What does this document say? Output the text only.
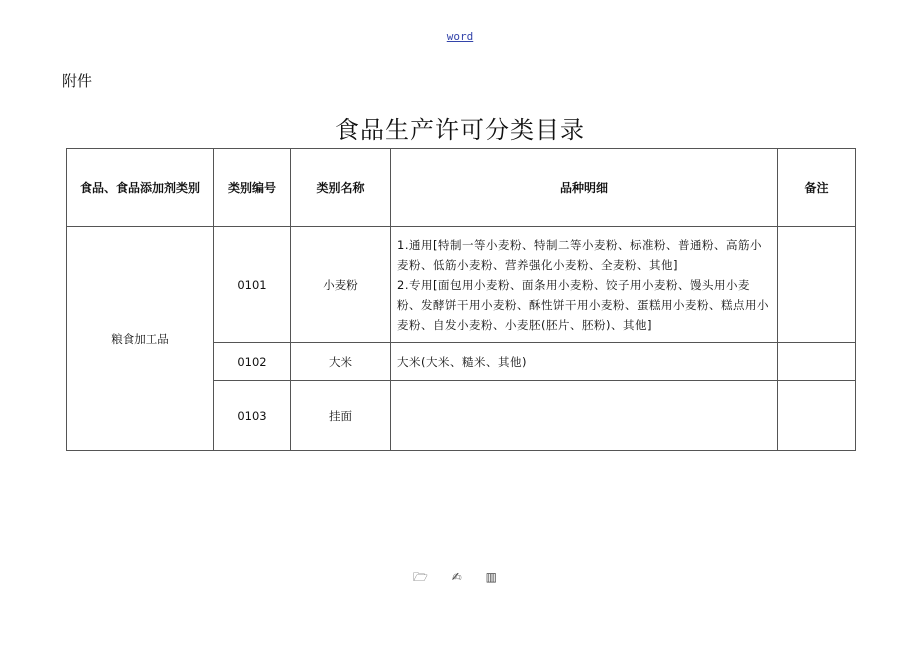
word
附件
食品生产许可分类目录
食品、食品添加剂类别	类别编号	类别名称	品种明细	备注
粮食加工品	0101	小麦粉	1.通用[特制一等小麦粉、特制二等小麦粉、标准粉、普通粉、高筋小麦粉、低筋小麦粉、营养强化小麦粉、全麦粉、其他]
2.专用[面包用小麦粉、面条用小麦粉、饺子用小麦粉、馒头用小麦粉、发酵饼干用小麦粉、酥性饼干用小麦粉、蛋糕用小麦粉、糕点用小麦粉、自发小麦粉、小麦胚(胚片、胚粉)、其他]	
	0102	大米	大米(大米、糙米、其他)	
	0103	挂面		
🗁 ✍ ▥
